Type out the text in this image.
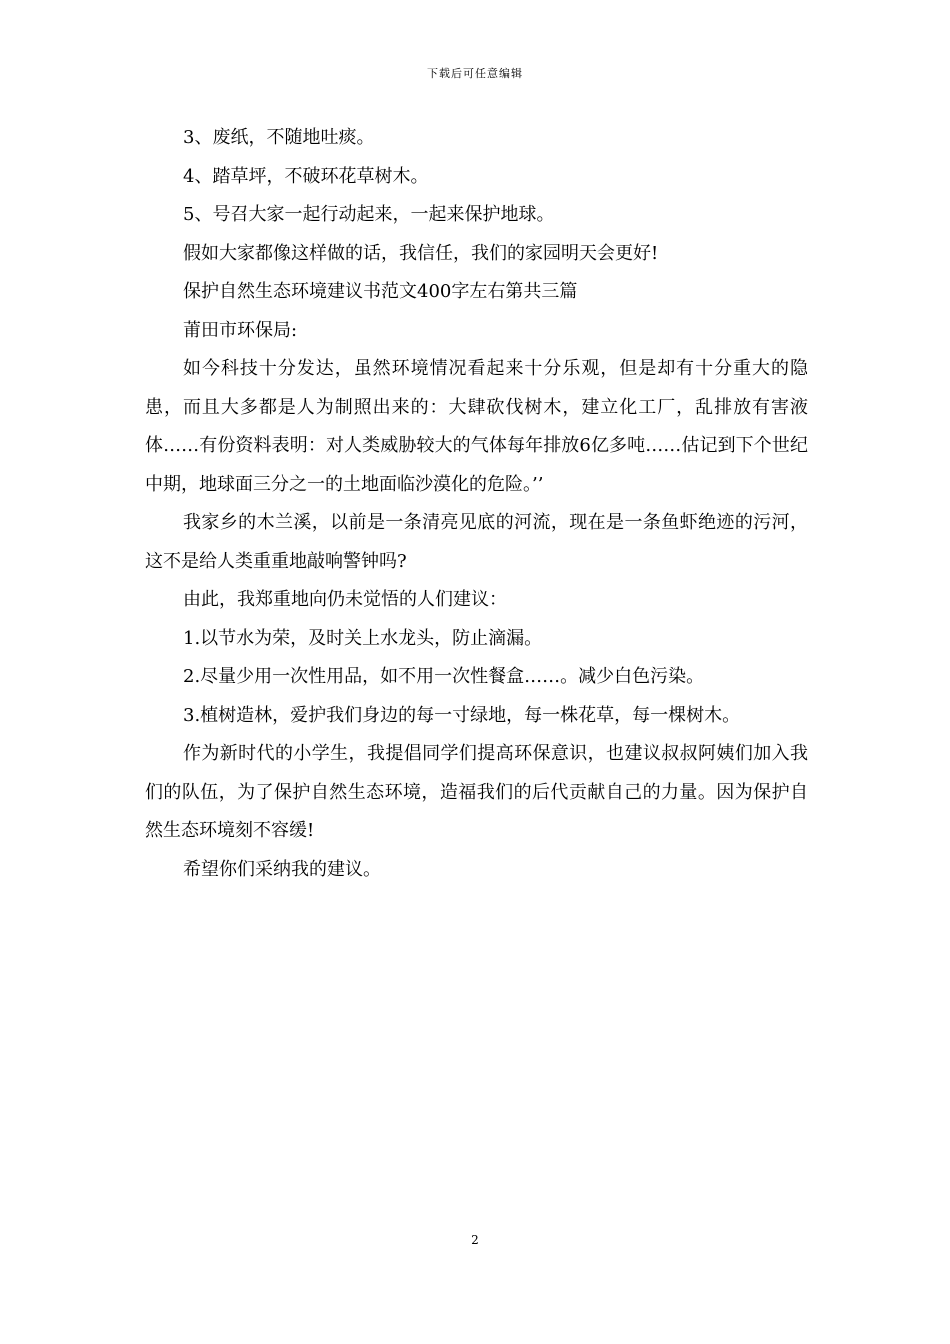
下载后可任意编辑

3、废纸，不随地吐痰。

4、踏草坪，不破环花草树木。

5、号召大家一起行动起来，一起来保护地球。

假如大家都像这样做的话，我信任，我们的家园明天会更好!

保护自然生态环境建议书范文400字左右第共三篇

莆田市环保局:

如今科技十分发达，虽然环境情况看起来十分乐观，但是却有十分重大的隐患，而且大多都是人为制照出来的：大肆砍伐树木，建立化工厂，乱排放有害液体……有份资料表明：对人类威胁较大的气体每年排放6亿多吨……估记到下个世纪中期，地球面三分之一的土地面临沙漠化的危险。’’

我家乡的木兰溪，以前是一条清亮见底的河流，现在是一条鱼虾绝迹的污河，这不是给人类重重地敲响警钟吗?

由此，我郑重地向仍未觉悟的人们建议：

1.以节水为荣，及时关上水龙头，防止滴漏。

2.尽量少用一次性用品，如不用一次性餐盒……。减少白色污染。

3.植树造林，爱护我们身边的每一寸绿地，每一株花草，每一棵树木。

作为新时代的小学生，我提倡同学们提高环保意识，也建议叔叔阿姨们加入我们的队伍，为了保护自然生态环境，造福我们的后代贡献自己的力量。因为保护自然生态环境刻不容缓!

希望你们采纳我的建议。

2
